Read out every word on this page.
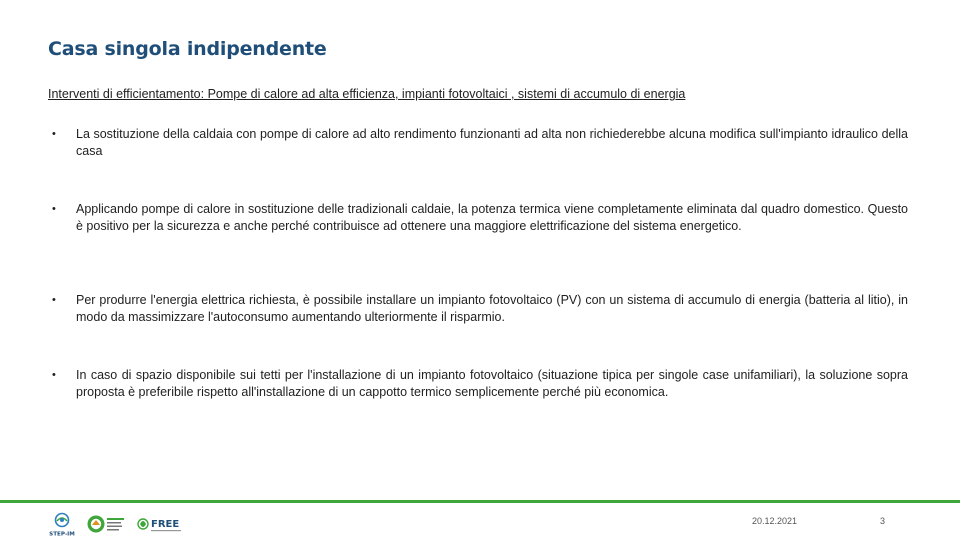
Casa singola indipendente
Interventi di efficientamento: Pompe di calore ad alta efficienza, impianti fotovoltaici , sistemi di accumulo di energia
• La sostituzione della caldaia con pompe di calore ad alto rendimento funzionanti ad alta non richiederebbe alcuna modifica sull'impianto idraulico della casa
• Applicando pompe di calore in sostituzione delle tradizionali caldaie, la potenza termica viene completamente eliminata dal quadro domestico. Questo è positivo per la sicurezza e anche perché contribuisce ad ottenere una maggiore elettrificazione del sistema energetico.
• Per produrre l'energia elettrica richiesta, è possibile installare un impianto fotovoltaico (PV) con un sistema di accumulo di energia (batteria al litio), in modo da massimizzare l'autoconsumo aumentando ulteriormente il risparmio.
• In caso di spazio disponibile sui tetti per l'installazione di un impianto fotovoltaico (situazione tipica per singole case unifamiliari), la soluzione sopra proposta è preferibile rispetto all'installazione di un cappotto termico semplicemente perché più economica.
STEP-IM
FREE	20.12.2021	3
